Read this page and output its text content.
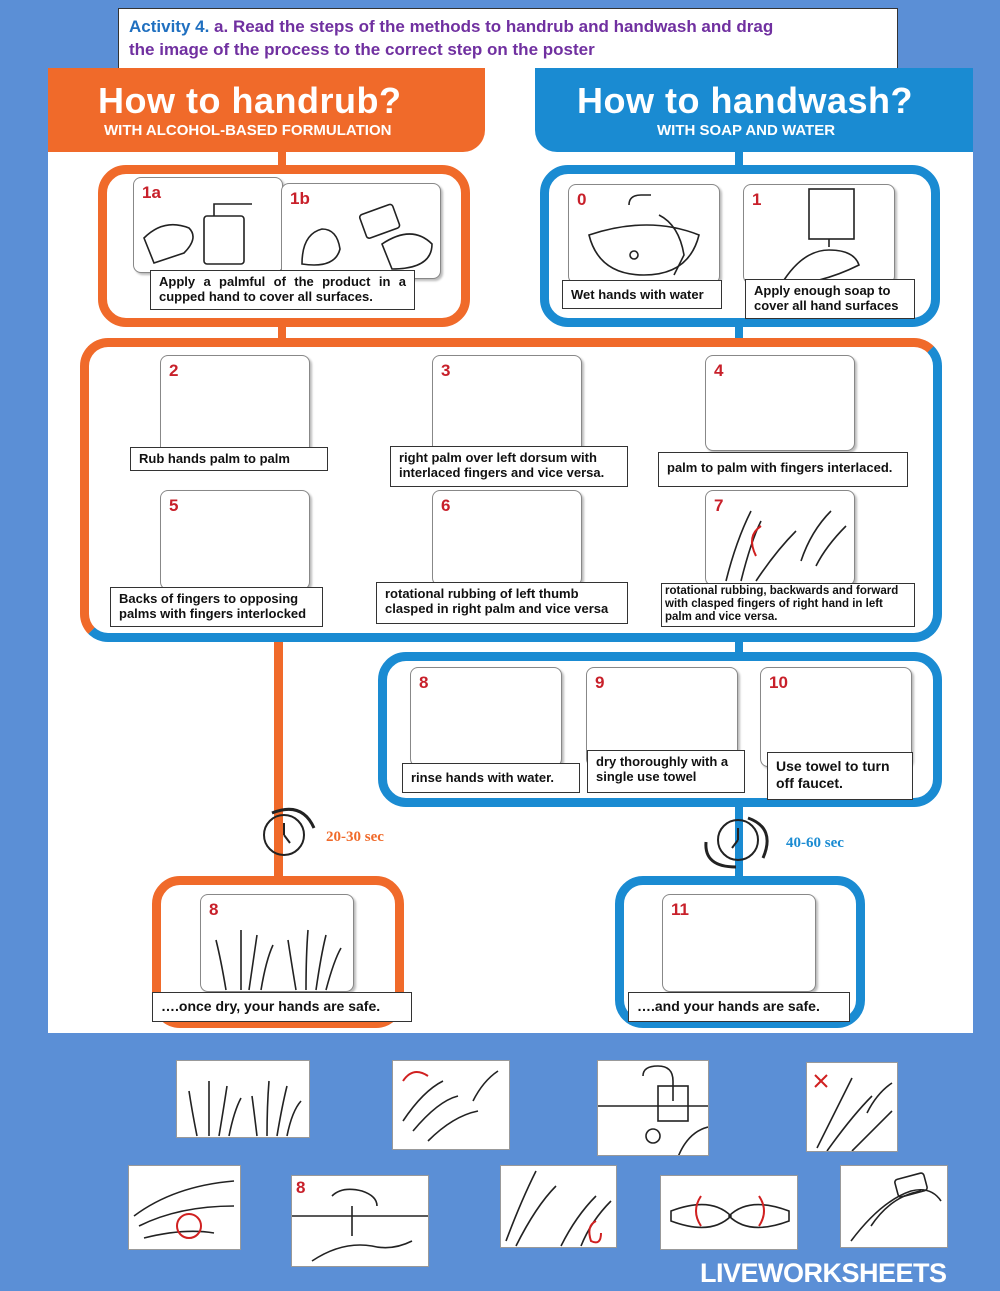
Activity 4. a. Read the steps of the methods to handrub and handwash and drag
the image of the process to the correct step on the poster
How to handrub?
WITH ALCOHOL-BASED FORMULATION
How to handwash?
WITH SOAP AND WATER
1a	1b
Apply a palmful of the product in a cupped hand to cover all surfaces.
0
Wet hands with water
1
Apply enough soap to cover all hand surfaces
2
Rub hands palm to palm
3
right palm over left dorsum with interlaced fingers and vice versa.
4
palm to palm with fingers interlaced.
5
Backs of fingers to opposing palms with fingers interlocked
6
rotational rubbing of left thumb clasped in right palm and vice versa
7
rotational rubbing, backwards and forward with clasped fingers of right hand in left palm and vice versa.
8
rinse hands with water.
9
dry thoroughly with a single use towel
10
Use towel to turn off faucet.
20-30 sec	40-60 sec
8
….once dry, your hands are safe.
11
….and your hands are safe.
8
LIVEWORKSHEETS
